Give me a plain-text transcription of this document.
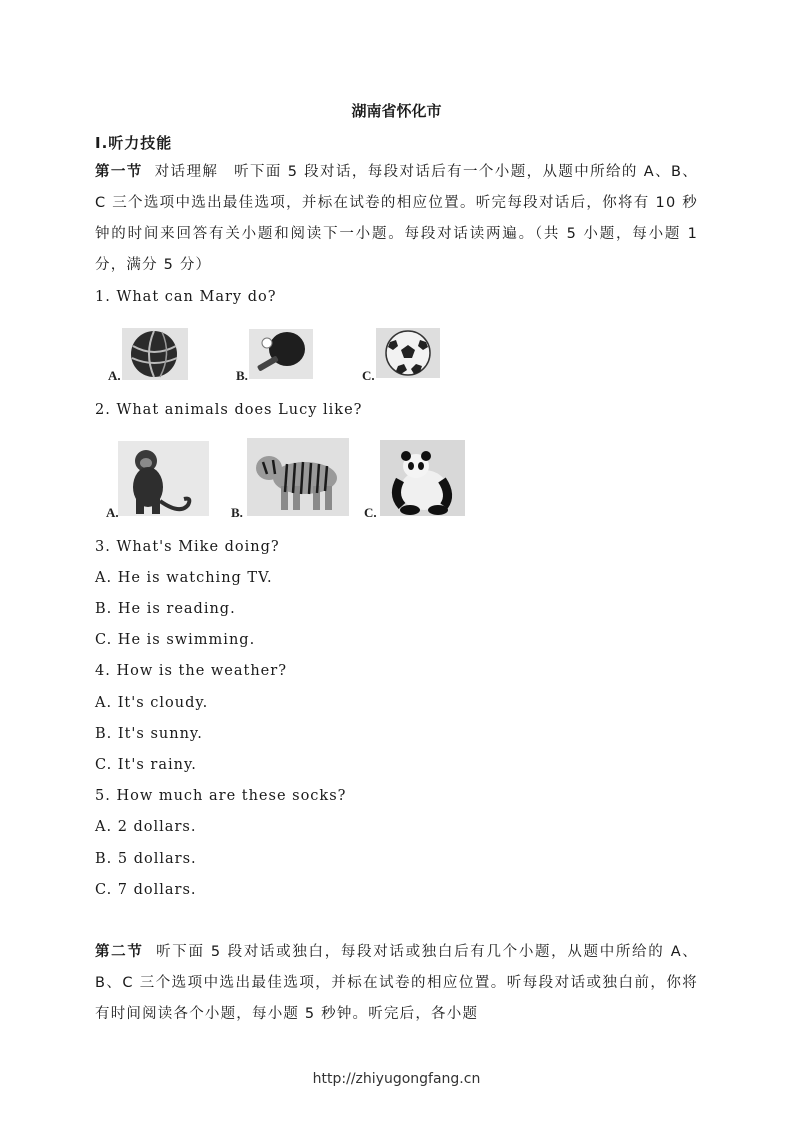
湖南省怀化市
I.听力技能
第一节 对话理解　听下面 5 段对话，每段对话后有一个小题，从题中所给的 A、B、C 三个选项中选出最佳选项，并标在试卷的相应位置。听完每段对话后，你将有 10 秒钟的时间来回答有关小题和阅读下一小题。每段对话读两遍。（共 5 小题，每小题 1 分，满分 5 分）
1. What can Mary do?
A.	B.	C.
2. What animals does Lucy like?
A.	B.	C.
3. What's Mike doing?
A. He is watching TV.
B. He is reading.
C. He is swimming.
4. How is the weather?
A. It's cloudy.
B. It's sunny.
C. It's rainy.
5. How much are these socks?
A. 2 dollars.
B. 5 dollars.
C. 7 dollars.
第二节 听下面 5 段对话或独白，每段对话或独白后有几个小题，从题中所给的 A、B、C 三个选项中选出最佳选项，并标在试卷的相应位置。听每段对话或独白前，你将有时间阅读各个小题，每小题 5 秒钟。听完后，各小题
http://zhiyugongfang.cn
